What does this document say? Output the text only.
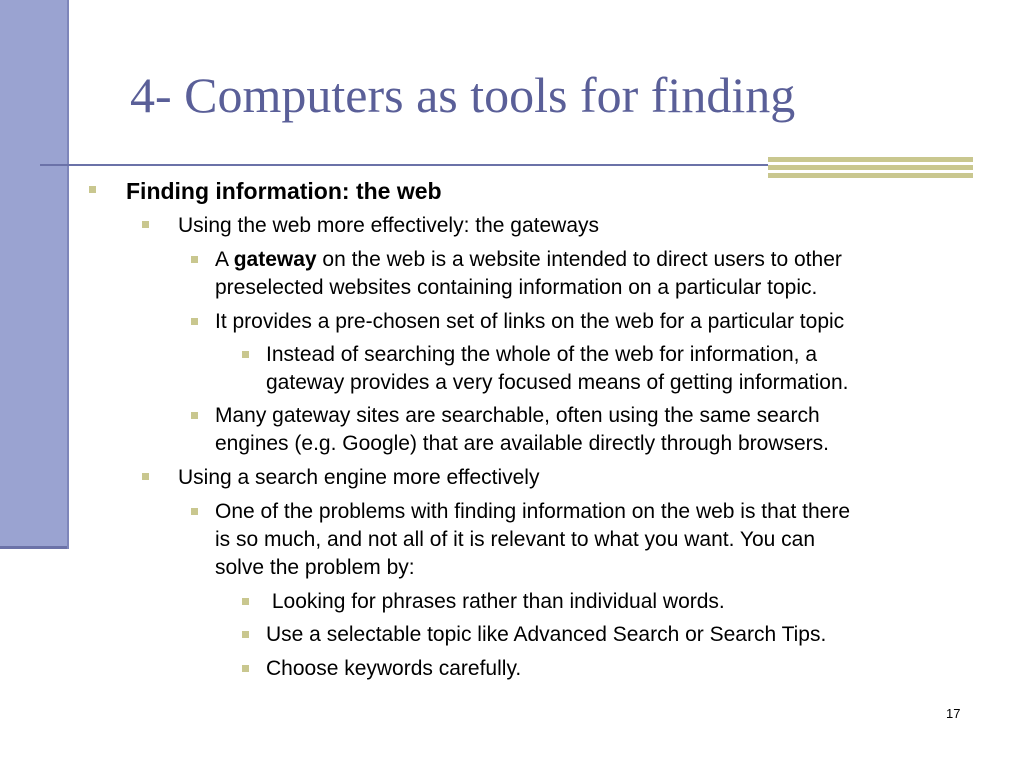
4- Computers as tools for finding

Finding information: the web

Using the web more effectively: the gateways

A gateway on the web is a website intended to direct users to other
preselected websites containing information on a particular topic.

It provides a pre-chosen set of links on the web for a particular topic

Instead of searching the whole of the web for information, a
gateway provides a very focused means of getting information.

Many gateway sites are searchable, often using the same search
engines (e.g. Google) that are available directly through browsers.

Using a search engine more effectively

One of the problems with finding information on the web is that there
is so much, and not all of it is relevant to what you want. You can
solve the problem by:

Looking for phrases rather than individual words.

Use a selectable topic like Advanced Search or Search Tips.

Choose keywords carefully.

17
